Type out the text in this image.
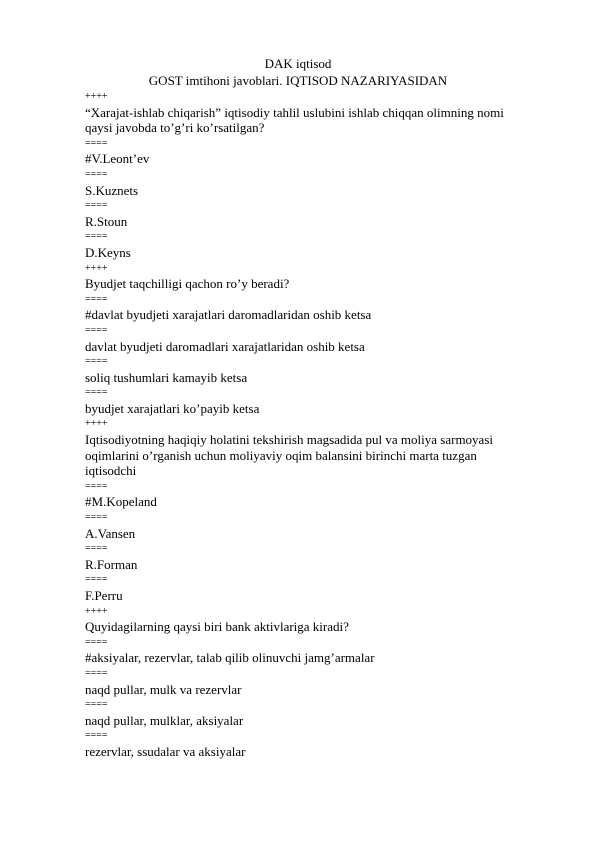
DAK iqtisod
GOST imtihoni javoblari. IQTISOD NAZARIYASIDAN
++++
“Xarajat-ishlab chiqarish” iqtisodiy tahlil uslubini ishlab chiqqan olimning nomi qaysi javobda to’g’ri ko’rsatilgan?
====
#V.Leont’ev
====
S.Kuznets
====
R.Stoun
====
D.Keyns
++++
Byudjet taqchilligi qachon ro’y beradi?
====
#davlat byudjeti xarajatlari daromadlaridan oshib ketsa
====
davlat byudjeti daromadlari xarajatlaridan oshib ketsa
====
soliq tushumlari kamayib ketsa
====
byudjet xarajatlari ko’payib ketsa
++++
Iqtisodiyotning haqiqiy holatini tekshirish magsadida pul va moliya sarmoyasi oqimlarini o’rganish uchun moliyaviy oqim balansini birinchi marta tuzgan iqtisodchi
====
#M.Kopeland
====
A.Vansen
====
R.Forman
====
F.Perru
++++
Quyidagilarning qaysi biri bank aktivlariga kiradi?
====
#aksiyalar, rezervlar, talab qilib olinuvchi jamg’armalar
====
naqd pullar, mulk va rezervlar
====
naqd pullar, mulklar, aksiyalar
====
rezervlar, ssudalar va aksiyalar
